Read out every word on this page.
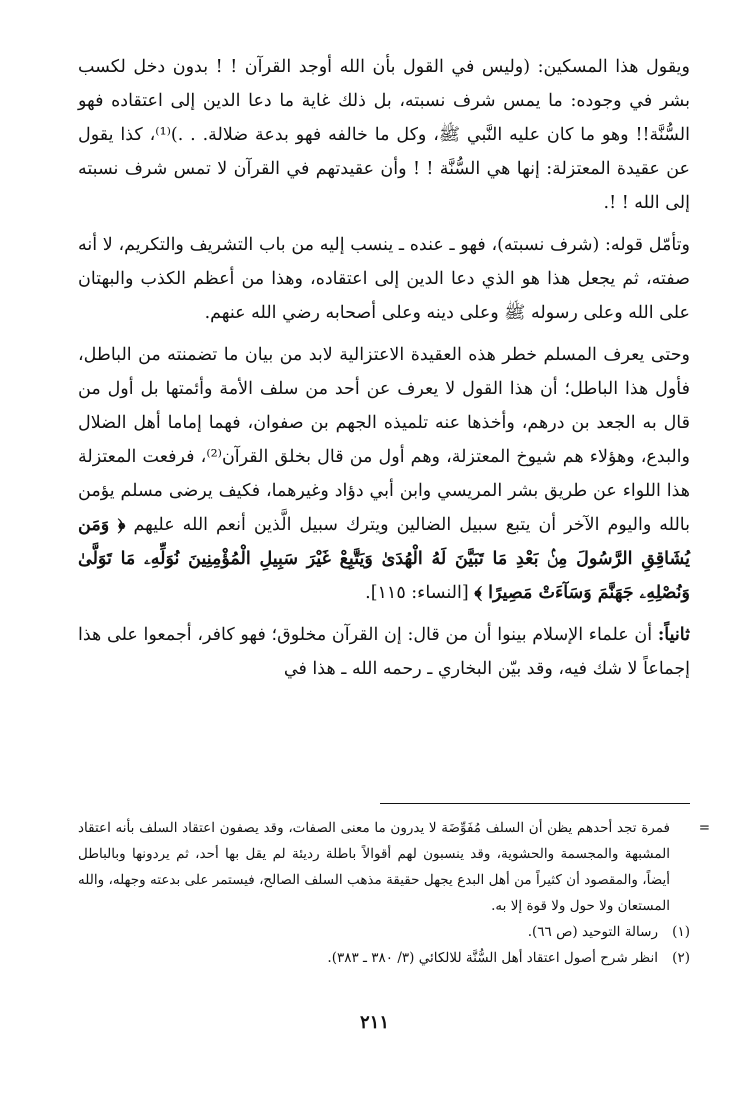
ويقول هذا المسكين: (وليس في القول بأن الله أوجد القرآن ! ! بدون دخل لكسب بشر في وجوده: ما يمس شرف نسبته، بل ذلك غاية ما دعا الدين إلى اعتقاده فهو السُّنَّة!! وهو ما كان عليه النَّبي ﷺ، وكل ما خالفه فهو بدعة ضلالة. . .)⁽¹⁾، كذا يقول عن عقيدة المعتزلة: إنها هي السُّنَّة ! ! وأن عقيدتهم في القرآن لا تمس شرف نسبته إلى الله ! !.

وتأمّل قوله: (شرف نسبته)، فهو ـ عنده ـ ينسب إليه من باب التشريف والتكريم، لا أنه صفته، ثم يجعل هذا هو الذي دعا الدين إلى اعتقاده، وهذا من أعظم الكذب والبهتان على الله وعلى رسوله ﷺ وعلى دينه وعلى أصحابه رضي الله عنهم.

وحتى يعرف المسلم خطر هذه العقيدة الاعتزالية لابد من بيان ما تضمنته من الباطل، فأول هذا الباطل؛ أن هذا القول لا يعرف عن أحد من سلف الأمة وأئمتها بل أول من قال به الجعد بن درهم، وأخذها عنه تلميذه الجهم بن صفوان، فهما إماما أهل الضلال والبدع، وهؤلاء هم شيوخ المعتزلة، وهم أول من قال بخلق القرآن⁽²⁾، فرفعت المعتزلة هذا اللواء عن طريق بشر المريسي وابن أبي دؤاد وغيرهما، فكيف يرضى مسلم يؤمن بالله واليوم الآخر أن يتبع سبيل الضالين ويترك سبيل الَّذين أنعم الله عليهم ﴿ وَمَن يُشَاقِقِ الرَّسُولَ مِنۢ بَعْدِ مَا تَبَيَّنَ لَهُ الْهُدَىٰ وَيَتَّبِعْ غَيْرَ سَبِيلِ الْمُؤْمِنِينَ نُوَلِّهِۦ مَا تَوَلَّىٰ وَنُصْلِهِۦ جَهَنَّمَ وَسَآءَتْ مَصِيرًا ﴾ [النساء: ١١٥].

ثانياً: أن علماء الإسلام بينوا أن من قال: إن القرآن مخلوق؛ فهو كافر، أجمعوا على هذا إجماعاً لا شك فيه، وقد بيّن البخاري ـ رحمه الله ـ هذا في

=
فمرة تجد أحدهم يظن أن السلف مُفَوِّضَة لا يدرون ما معنى الصفات، وقد يصفون اعتقاد السلف بأنه اعتقاد المشبهة والمجسمة والحشوية، وقد ينسبون لهم أقوالاً باطلة رديئة لم يقل بها أحد، ثم يردونها وبالباطل أيضاً، والمقصود أن كثيراً من أهل البدع يجهل حقيقة مذهب السلف الصالح، فيستمر على بدعته وجهله، والله المستعان ولا حول ولا قوة إلا به.
(١)
رسالة التوحيد (ص ٦٦).
(٢)
انظر شرح أصول اعتقاد أهل السُّنَّة للالكائي (٣/ ٣٨٠ ـ ٣٨٣).
٢١١
